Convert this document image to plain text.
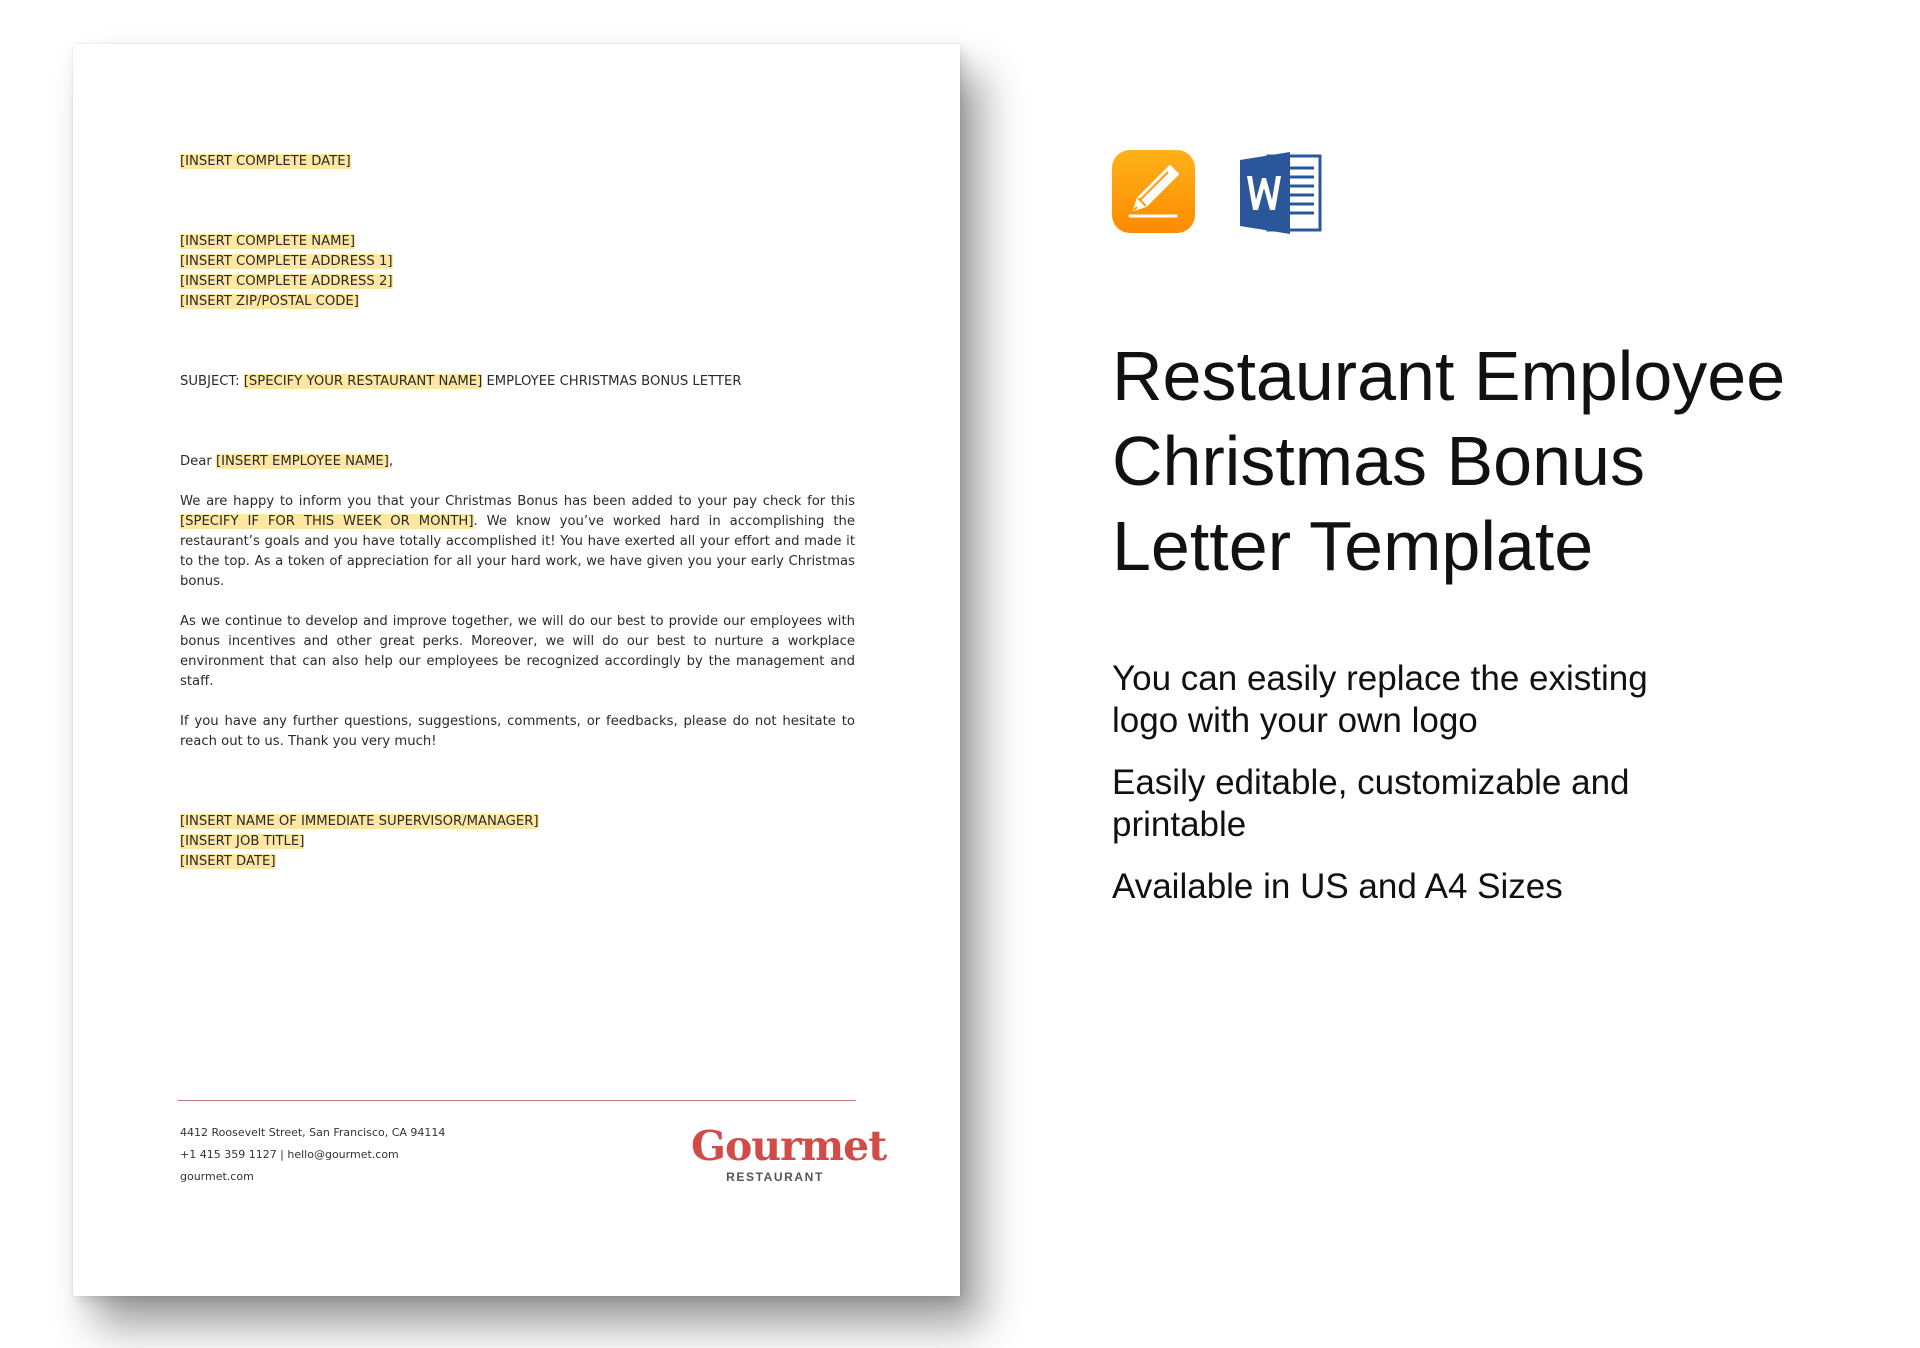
[INSERT COMPLETE DATE]
[INSERT COMPLETE NAME]
[INSERT COMPLETE ADDRESS 1]
[INSERT COMPLETE ADDRESS 2]
[INSERT ZIP/POSTAL CODE]
SUBJECT: [SPECIFY YOUR RESTAURANT NAME] EMPLOYEE CHRISTMAS BONUS LETTER
Dear [INSERT EMPLOYEE NAME],
We are happy to inform you that your Christmas Bonus has been added to your pay check for this [SPECIFY IF FOR THIS WEEK OR MONTH]. We know you’ve worked hard in accomplishing the restaurant’s goals and you have totally accomplished it! You have exerted all your effort and made it to the top. As a token of appreciation for all your hard work, we have given you your early Christmas bonus.
As we continue to develop and improve together, we will do our best to provide our employees with bonus incentives and other great perks. Moreover, we will do our best to nurture a workplace environment that can also help our employees be recognized accordingly by the management and staff.
If you have any further questions, suggestions, comments, or feedbacks, please do not hesitate to reach out to us. Thank you very much!
[INSERT NAME OF IMMEDIATE SUPERVISOR/MANAGER]
[INSERT JOB TITLE]
[INSERT DATE]
4412 Roosevelt Street, San Francisco, CA 94114
+1 415 359 1127 | hello@gourmet.com
gourmet.com
Gourmet
RESTAURANT
Restaurant Employee
Christmas Bonus
Letter Template

You can easily replace the existing logo with your own logo

Easily editable, customizable and printable

Available in US and A4 Sizes
